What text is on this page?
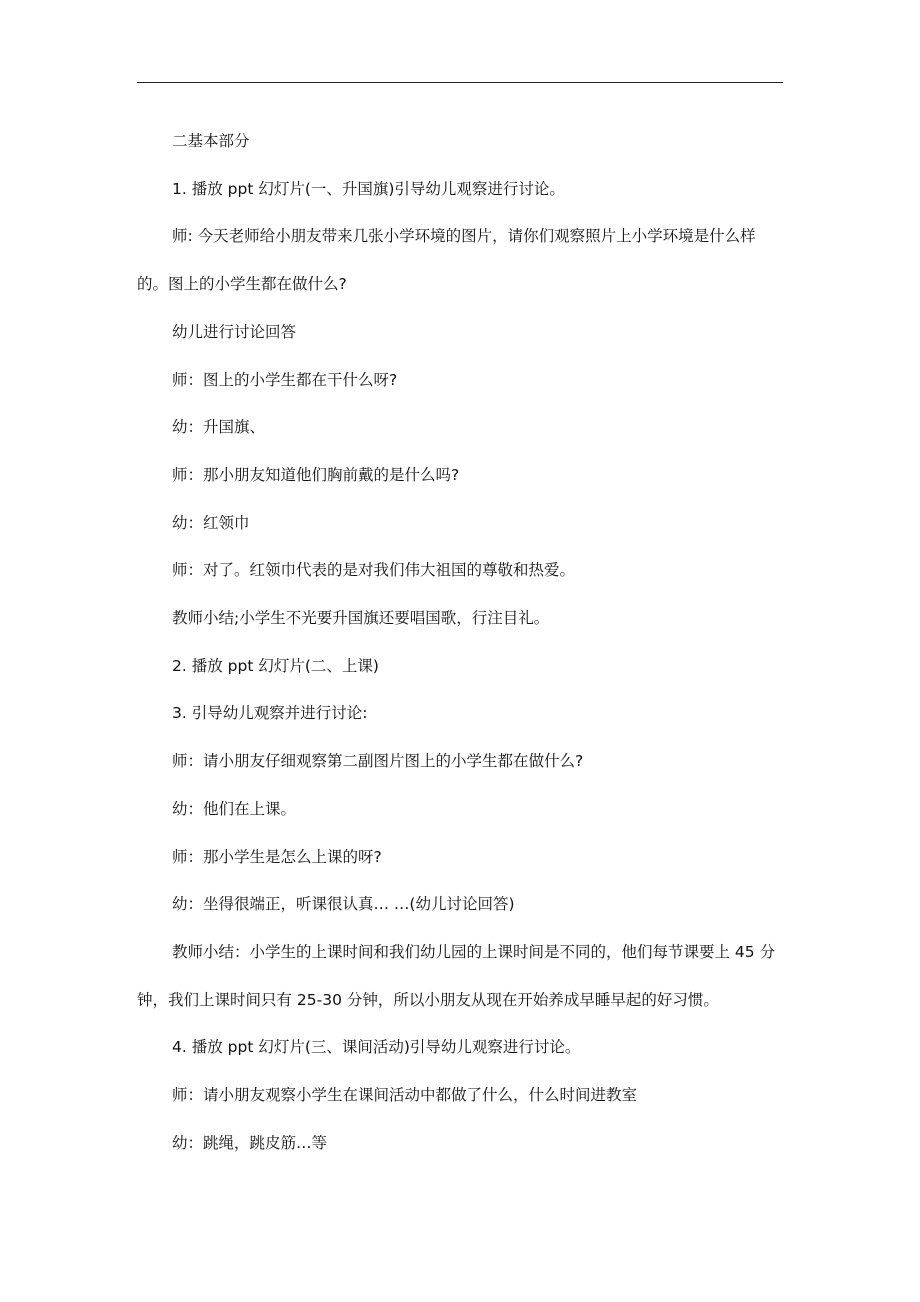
二基本部分

1. 播放 ppt 幻灯片(一、升国旗)引导幼儿观察进行讨论。

师: 今天老师给小朋友带来几张小学环境的图片，请你们观察照片上小学环境是什么样的。图上的小学生都在做什么?

幼儿进行讨论回答

师：图上的小学生都在干什么呀?

幼：升国旗、

师：那小朋友知道他们胸前戴的是什么吗?

幼：红领巾

师：对了。红领巾代表的是对我们伟大祖国的尊敬和热爱。

教师小结;小学生不光要升国旗还要唱国歌，行注目礼。

2. 播放 ppt 幻灯片(二、上课)

3. 引导幼儿观察并进行讨论:

师：请小朋友仔细观察第二副图片图上的小学生都在做什么?

幼：他们在上课。

师：那小学生是怎么上课的呀?

幼：坐得很端正，听课很认真… …(幼儿讨论回答)

教师小结：小学生的上课时间和我们幼儿园的上课时间是不同的，他们每节课要上 45 分钟，我们上课时间只有 25-30 分钟，所以小朋友从现在开始养成早睡早起的好习惯。

4. 播放 ppt 幻灯片(三、课间活动)引导幼儿观察进行讨论。

师：请小朋友观察小学生在课间活动中都做了什么，什么时间进教室

幼：跳绳，跳皮筋…等
